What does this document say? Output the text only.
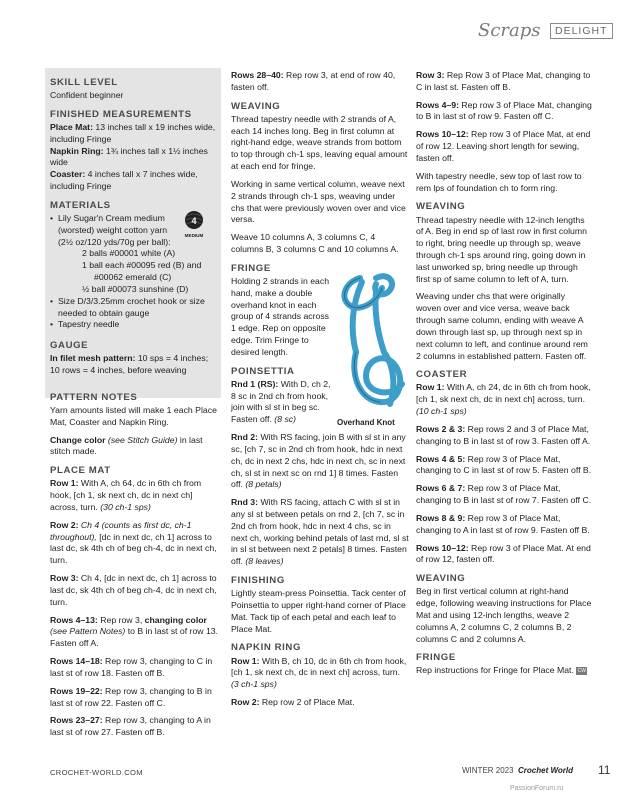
Scraps	DELIGHT
4
MEDIUM
SKILL LEVEL

Confident beginner

FINISHED MEASUREMENTS

Place Mat: 13 inches tall x 19 inches wide, including Fringe

Napkin Ring: 1¾ inches tall x 1½ inches wide

Coaster: 4 inches tall x 7 inches wide, including Fringe

MATERIALS
• Lily Sugar'n Cream medium (worsted) weight cotton yarn (2½ oz/120 yds/70g per ball):
2 balls #00001 white (A)
1 ball each #00095 red (B) and
#00062 emerald (C)
½ ball #00073 sunshine (D)
• Size D/3/3.25mm crochet hook or size needed to obtain gauge
• Tapestry needle
GAUGE

In filet mesh pattern: 10 sps = 4 inches; 10 rows = 4 inches, before weaving

PATTERN NOTES

Yarn amounts listed will make 1 each Place Mat, Coaster and Napkin Ring.

Change color (see Stitch Guide) in last stitch made.

PLACE MAT

Row 1: With A, ch 64, dc in 6th ch from hook, [ch 1, sk next ch, dc in next ch] across, turn. (30 ch-1 sps)

Row 2: Ch 4 (counts as first dc, ch-1 throughout), [dc in next dc, ch 1] across to last dc, sk 4th ch of beg ch-4, dc in next ch, turn.

Row 3: Ch 4, [dc in next dc, ch 1] across to last dc, sk 4th ch of beg ch-4, dc in next ch, turn.

Rows 4–13: Rep row 3, changing color (see Pattern Notes) to B in last st of row 13. Fasten off A.

Rows 14–18: Rep row 3, changing to C in last st of row 18. Fasten off B.

Rows 19–22: Rep row 3, changing to B in last st of row 22. Fasten off C.

Rows 23–27: Rep row 3, changing to A in last st of row 27. Fasten off B.

Rows 28–40: Rep row 3, at end of row 40, fasten off.

WEAVING

Thread tapestry needle with 2 strands of A, each 14 inches long. Beg in first column at right-hand edge, weave strands from bottom to top through ch-1 sps, leaving equal amount at each end for fringe.

Working in same vertical column, weave next 2 strands through ch-1 sps, weaving under chs that were previously woven over and vice versa.

Weave 10 columns A, 3 columns C, 4 columns B, 3 columns C and 10 columns A.

FRINGE

Holding 2 strands in each hand, make a double overhand knot in each group of 4 strands across 1 edge. Rep on opposite edge. Trim Fringe to desired length.

POINSETTIA

Rnd 1 (RS): With D, ch 2, 8 sc in 2nd ch from hook, join with sl st in beg sc. Fasten off. (8 sc)

Rnd 2: With RS facing, join B with sl st in any sc, [ch 7, sc in 2nd ch from hook, hdc in next ch, dc in next 2 chs, hdc in next ch, sc in next ch, sl st in next sc on rnd 1] 8 times. Fasten off. (8 petals)

Rnd 3: With RS facing, attach C with sl st in any sl st between petals on rnd 2, [ch 7, sc in 2nd ch from hook, hdc in next 4 chs, sc in next ch, working behind petals of last rnd, sl st in sl st between next 2 petals] 8 times. Fasten off. (8 leaves)

FINISHING

Lightly steam-press Poinsettia. Tack center of Poinsettia to upper right-hand corner of Place Mat. Tack tip of each petal and each leaf to Place Mat.

NAPKIN RING

Row 1: With B, ch 10, dc in 6th ch from hook, [ch 1, sk next ch, dc in next ch] across, turn. (3 ch-1 sps)

Row 2: Rep row 2 of Place Mat.

Overhand Knot

Row 3: Rep Row 3 of Place Mat, changing to C in last st. Fasten off B.

Rows 4–9: Rep row 3 of Place Mat, changing to B in last st of row 9. Fasten off C.

Rows 10–12: Rep row 3 of Place Mat, at end of row 12. Leaving short length for sewing, fasten off.

With tapestry needle, sew top of last row to rem lps of foundation ch to form ring.

WEAVING

Thread tapestry needle with 12-inch lengths of A. Beg in end sp of last row in first column to right, bring needle up through sp, weave through ch-1 sps around ring, going down in last unworked sp, bring needle up through first sp of same column to left of A, turn.

Weaving under chs that were originally woven over and vice versa, weave back through same column, ending with weave A down through last sp, up through next sp in next column to left, and continue around rem 2 columns in established pattern. Fasten off.

COASTER

Row 1: With A, ch 24, dc in 6th ch from hook, [ch 1, sk next ch, dc in next ch] across, turn. (10 ch-1 sps)

Rows 2 & 3: Rep rows 2 and 3 of Place Mat, changing to B in last st of row 3. Fasten off A.

Rows 4 & 5: Rep row 3 of Place Mat, changing to C in last st of row 5. Fasten off B.

Rows 6 & 7: Rep row 3 of Place Mat, changing to B in last st of row 7. Fasten off C.

Rows 8 & 9: Rep row 3 of Place Mat, changing to A in last st of row 9. Fasten off B.

Rows 10–12: Rep row 3 of Place Mat. At end of row 12, fasten off.

WEAVING

Beg in first vertical column at right-hand edge, following weaving instructions for Place Mat and using 12-inch lengths, weave 2 columns A, 2 columns C, 2 columns B, 2 columns C and 2 columns A.

FRINGE

Rep instructions for Fringe for Place Mat. CW

CROCHET-WORLD.COM	WINTER 2023 Crochet World 11
PassionForum.ru
